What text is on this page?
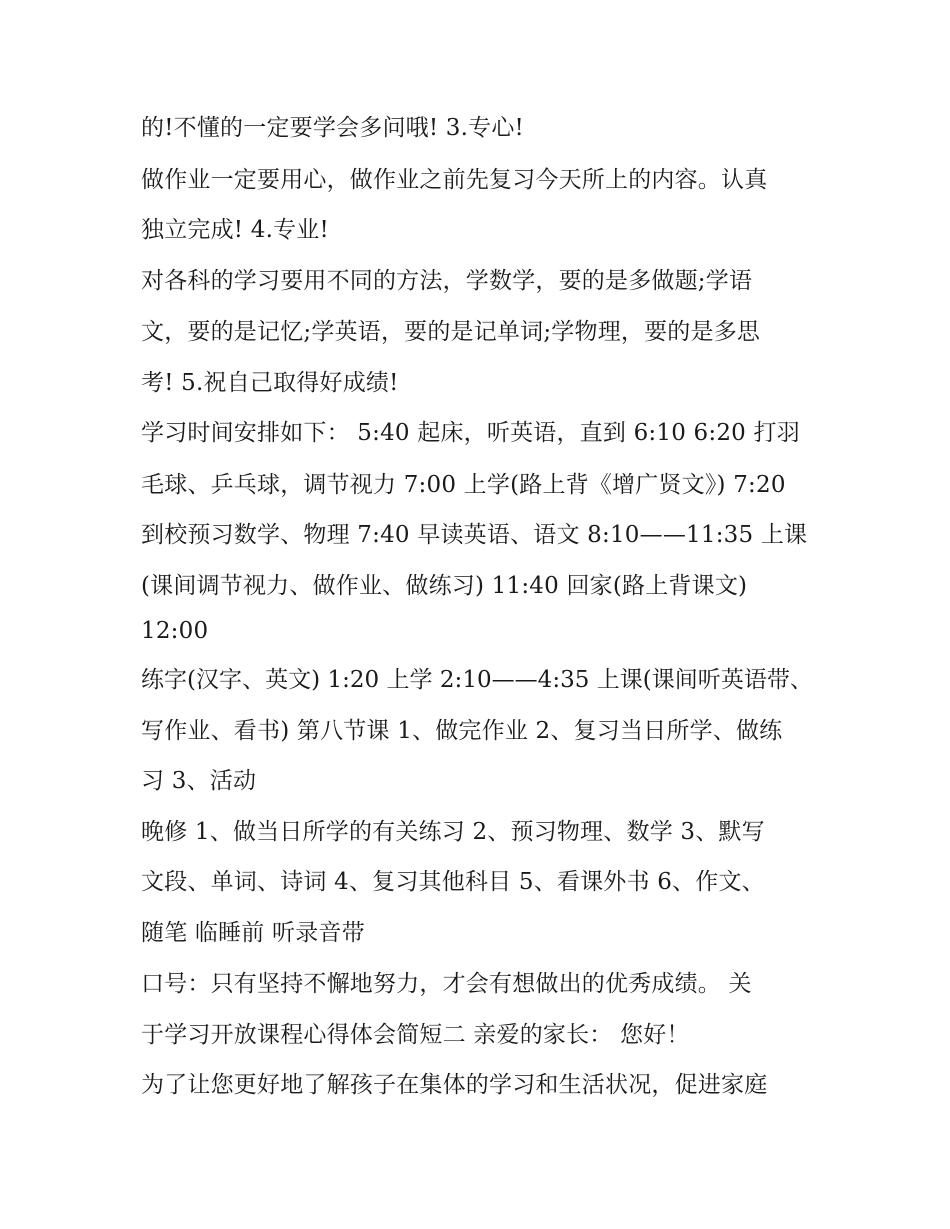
的!不懂的一定要学会多问哦! 3.专心!
做作业一定要用心，做作业之前先复习今天所上的内容。认真
独立完成! 4.专业!
对各科的学习要用不同的方法，学数学，要的是多做题;学语
文，要的是记忆;学英语，要的是记单词;学物理，要的是多思
考! 5.祝自己取得好成绩!
学习时间安排如下： 5:40 起床，听英语，直到 6:10 6:20 打羽
毛球、乒乓球，调节视力 7:00 上学(路上背《增广贤文》) 7:20
到校预习数学、物理 7:40 早读英语、语文 8:10——11:35 上课
(课间调节视力、做作业、做练习) 11:40 回家(路上背课文)
12:00
练字(汉字、英文) 1:20 上学 2:10——4:35 上课(课间听英语带、
写作业、看书) 第八节课 1、做完作业 2、复习当日所学、做练
习 3、活动
晚修 1、做当日所学的有关练习 2、预习物理、数学 3、默写
文段、单词、诗词 4、复习其他科目 5、看课外书 6、作文、
随笔 临睡前 听录音带
口号：只有坚持不懈地努力，才会有想做出的优秀成绩。 关
于学习开放课程心得体会简短二 亲爱的家长： 您好！
为了让您更好地了解孩子在集体的学习和生活状况，促进家庭
